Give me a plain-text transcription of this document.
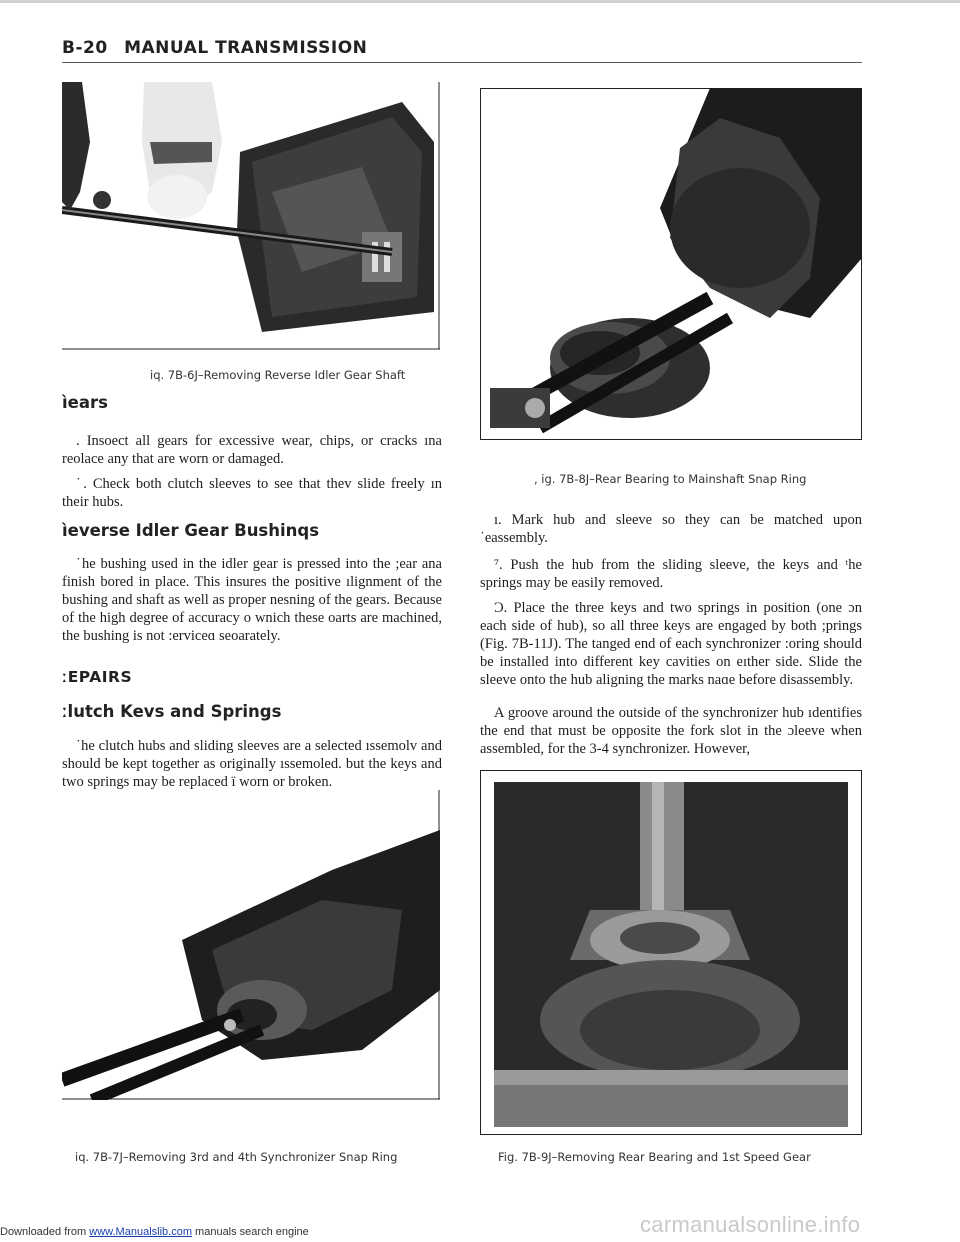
B-20 MANUAL TRANSMISSION
iq. 7B-6J–Removing Reverse Idler Gear Shaft
, ig. 7B-8J–Rear Bearing to Mainshaft Snap Ring
ìears
. Insoect all gears for excessive wear, chips, or cracks ına reolace any that are worn or damaged.
˙. Check both clutch sleeves to see that thev slide freely ın their hubs.
ìeverse Idler Gear Bushinqs
˙he bushing used in the idler gear is pressed into the ;ear ana finish bored in place. This insures the positive ılignment of the bushing and shaft as well as proper nesning of the gears. Because of the high degree of accuracy o wnich these oarts are machined, the bushing is not :erviceɑ seoarately.
ːEPAIRS
ːlutch Kevs and Springs
˙he clutch hubs and sliding sleeves are a selected ıssemolv and should be kept together as originally ıssemoled. but the keys and two springs may be replaced ï worn or broken.
ı. Mark hub and sleeve so they can be matched upon ˙eassembly.
⁷. Push the hub from the sliding sleeve, the keys and ᵗhe springs may be easily removed.
Ɔ. Place the three keys and two springs in position (one ɔn each side of hub), so all three keys are engaged by both ;prings (Fig. 7B-11J). The tanged end of each synchronizer :oring should be installed into different key cavities on eıther side. Slide the sleeve onto the hub aligning the marks naɑe before disassembly.
A groove around the outside of the synchronizer hub ıdentifies the end that must be opposite the fork slot in the ɔleeve when assembled, for the 3-4 synchronizer. However,
iq. 7B-7J–Removing 3rd and 4th Synchronizer Snap Ring	Fig. 7B-9J–Removing Rear Bearing and 1st Speed Gear
Downloaded from www.Manualslib.com manuals search engine	carmanualsonline.info
